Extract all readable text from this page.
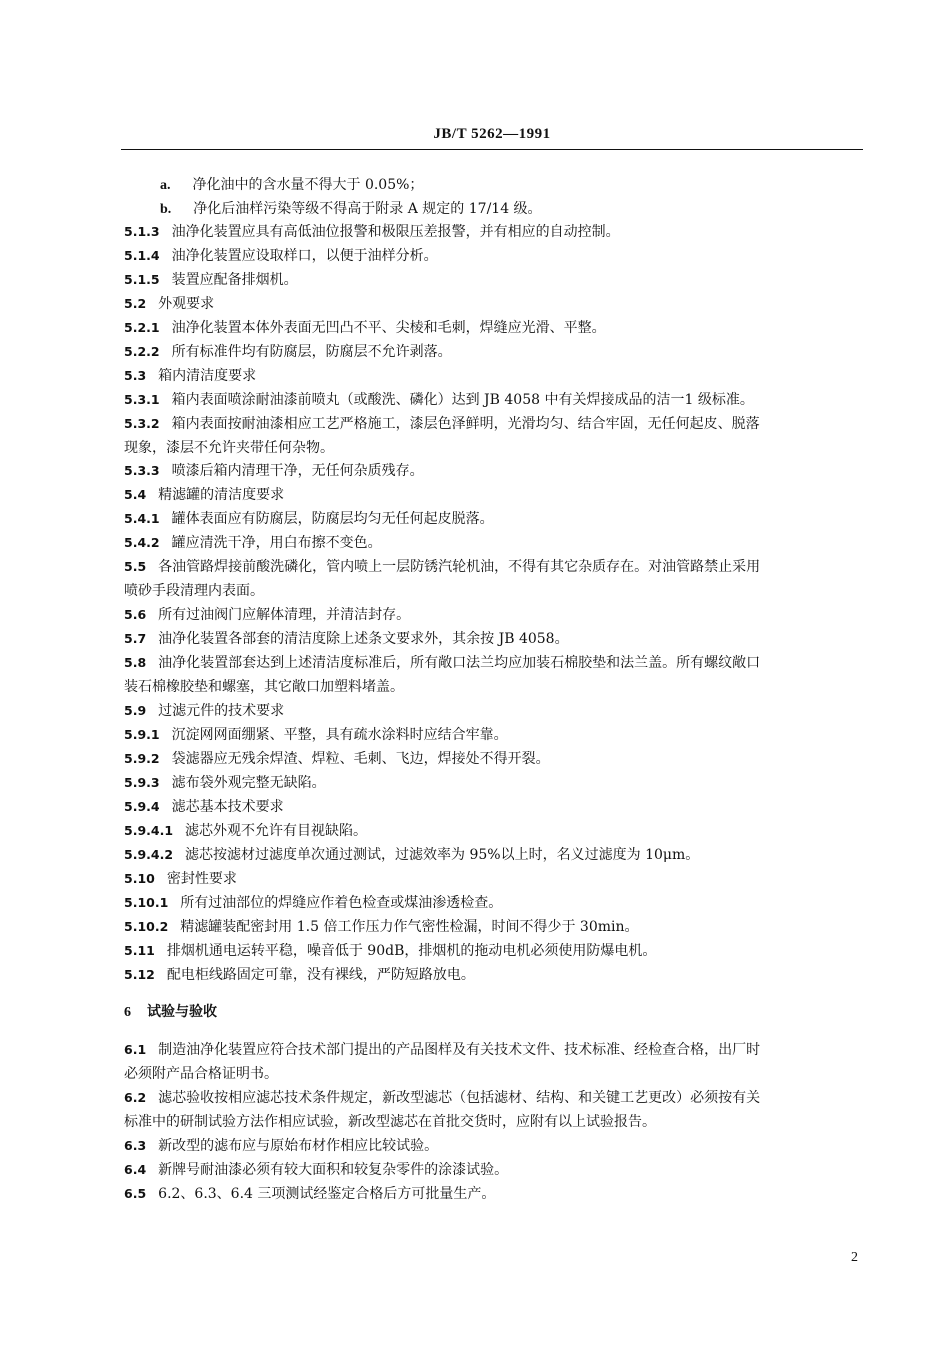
JB/T 5262—1991
a. 净化油中的含水量不得大于 0.05%；
b. 净化后油样污染等级不得高于附录 A 规定的 17/14 级。
5.1.3 油净化装置应具有高低油位报警和极限压差报警，并有相应的自动控制。
5.1.4 油净化装置应设取样口，以便于油样分析。
5.1.5 装置应配备排烟机。
5.2 外观要求
5.2.1 油净化装置本体外表面无凹凸不平、尖棱和毛刺，焊缝应光滑、平整。
5.2.2 所有标准件均有防腐层，防腐层不允许剥落。
5.3 箱内清洁度要求
5.3.1 箱内表面喷涂耐油漆前喷丸（或酸洗、磷化）达到 JB 4058 中有关焊接成品的洁一1 级标准。
5.3.2 箱内表面按耐油漆相应工艺严格施工，漆层色泽鲜明，光滑均匀、结合牢固，无任何起皮、脱落
现象，漆层不允许夹带任何杂物。
5.3.3 喷漆后箱内清理干净，无任何杂质残存。
5.4 精滤罐的清洁度要求
5.4.1 罐体表面应有防腐层，防腐层均匀无任何起皮脱落。
5.4.2 罐应清洗干净，用白布擦不变色。
5.5 各油管路焊接前酸洗磷化，管内喷上一层防锈汽轮机油，不得有其它杂质存在。对油管路禁止采用
喷砂手段清理内表面。
5.6 所有过油阀门应解体清理，并清洁封存。
5.7 油净化装置各部套的清洁度除上述条文要求外，其余按 JB 4058。
5.8 油净化装置部套达到上述清洁度标准后，所有敞口法兰均应加装石棉胶垫和法兰盖。所有螺纹敞口
装石棉橡胶垫和螺塞，其它敞口加塑料堵盖。
5.9 过滤元件的技术要求
5.9.1 沉淀网网面绷紧、平整，具有疏水涂料时应结合牢靠。
5.9.2 袋滤器应无残余焊渣、焊粒、毛刺、飞边，焊接处不得开裂。
5.9.3 滤布袋外观完整无缺陷。
5.9.4 滤芯基本技术要求
5.9.4.1 滤芯外观不允许有目视缺陷。
5.9.4.2 滤芯按滤材过滤度单次通过测试，过滤效率为 95%以上时，名义过滤度为 10μm。
5.10 密封性要求
5.10.1 所有过油部位的焊缝应作着色检查或煤油渗透检查。
5.10.2 精滤罐装配密封用 1.5 倍工作压力作气密性检漏，时间不得少于 30min。
5.11 排烟机通电运转平稳，噪音低于 90dB，排烟机的拖动电机必须使用防爆电机。
5.12 配电柜线路固定可靠，没有裸线，严防短路放电。
6 试验与验收
6.1 制造油净化装置应符合技术部门提出的产品图样及有关技术文件、技术标准、经检查合格，出厂时
必须附产品合格证明书。
6.2 滤芯验收按相应滤芯技术条件规定，新改型滤芯（包括滤材、结构、和关键工艺更改）必须按有关
标准中的研制试验方法作相应试验，新改型滤芯在首批交货时，应附有以上试验报告。
6.3 新改型的滤布应与原始布材作相应比较试验。
6.4 新牌号耐油漆必须有较大面积和较复杂零件的涂漆试验。
6.5 6.2、6.3、6.4 三项测试经鉴定合格后方可批量生产。
2
